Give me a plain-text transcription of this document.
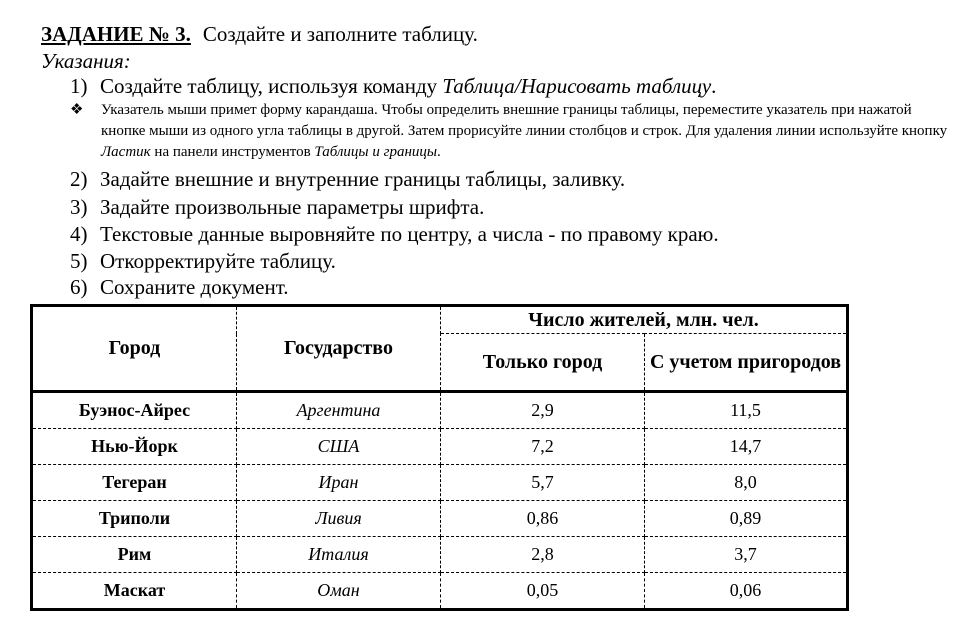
ЗАДАНИЕ № 3. Создайте и заполните таблицу.
Указания:
1) Создайте таблицу, используя команду Таблица/Нарисовать таблицу.
❖ Указатель мыши примет форму карандаша. Чтобы определить внешние границы таблицы, переместите указатель при нажатой кнопке мыши из одного угла таблицы в другой. Затем прорисуйте линии столбцов и строк. Для удаления линии используйте кнопку Ластик на панели инструментов Таблицы и границы.
2) Задайте внешние и внутренние границы таблицы, заливку.
3) Задайте произвольные параметры шрифта.
4) Текстовые данные выровняйте по центру, а числа - по правому краю.
5) Откорректируйте таблицу.
6) Сохраните документ.
Город	Государство	Число жителей, млн. чел.	
		Только город	С учетом пригородов
Буэнос-Айрес	Аргентина	2,9	11,5
Нью-Йорк	США	7,2	14,7
Тегеран	Иран	5,7	8,0
Триполи	Ливия	0,86	0,89
Рим	Италия	2,8	3,7
Маскат	Оман	0,05	0,06
